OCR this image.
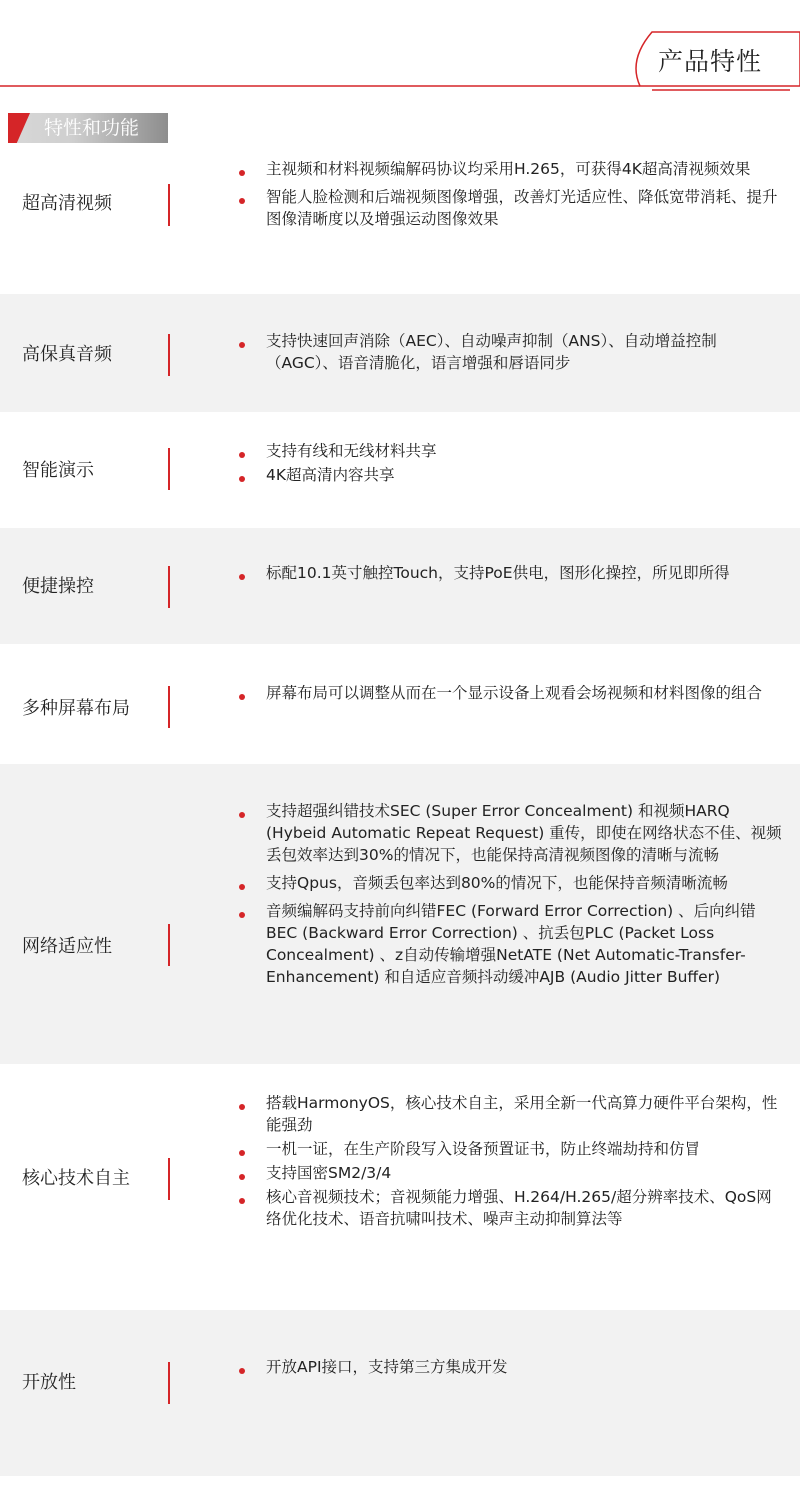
产品特性
特性和功能
超高清视频
主视频和材料视频编解码协议均采用H.265，可获得4K超高清视频效果
智能人脸检测和后端视频图像增强，改善灯光适应性、降低宽带消耗、提升图像清晰度以及增强运动图像效果
高保真音频
支持快速回声消除（AEC）、自动噪声抑制（ANS）、自动增益控制（AGC）、语音清脆化，语言增强和唇语同步
智能演示
支持有线和无线材料共享
4K超高清内容共享
便捷操控
标配10.1英寸触控Touch，支持PoE供电，图形化操控，所见即所得
多种屏幕布局
屏幕布局可以调整从而在一个显示设备上观看会场视频和材料图像的组合
网络适应性
支持超强纠错技术SEC (Super Error Concealment) 和视频HARQ (Hybeid Automatic Repeat Request) 重传，即使在网络状态不佳、视频丢包效率达到30%的情况下，也能保持高清视频图像的清晰与流畅
支持Qpus，音频丢包率达到80%的情况下，也能保持音频清晰流畅
音频编解码支持前向纠错FEC (Forward Error Correction) 、后向纠错BEC (Backward Error Correction) 、抗丢包PLC (Packet Loss Concealment) 、z自动传输增强NetATE (Net Automatic-Transfer-Enhancement) 和自适应音频抖动缓冲AJB (Audio Jitter Buffer)
核心技术自主
搭载HarmonyOS，核心技术自主，采用全新一代高算力硬件平台架构，性能强劲
一机一证，在生产阶段写入设备预置证书，防止终端劫持和仿冒
支持国密SM2/3/4
核心音视频技术；音视频能力增强、H.264/H.265/超分辨率技术、QoS网络优化技术、语音抗啸叫技术、噪声主动抑制算法等
开放性
开放API接口，支持第三方集成开发
